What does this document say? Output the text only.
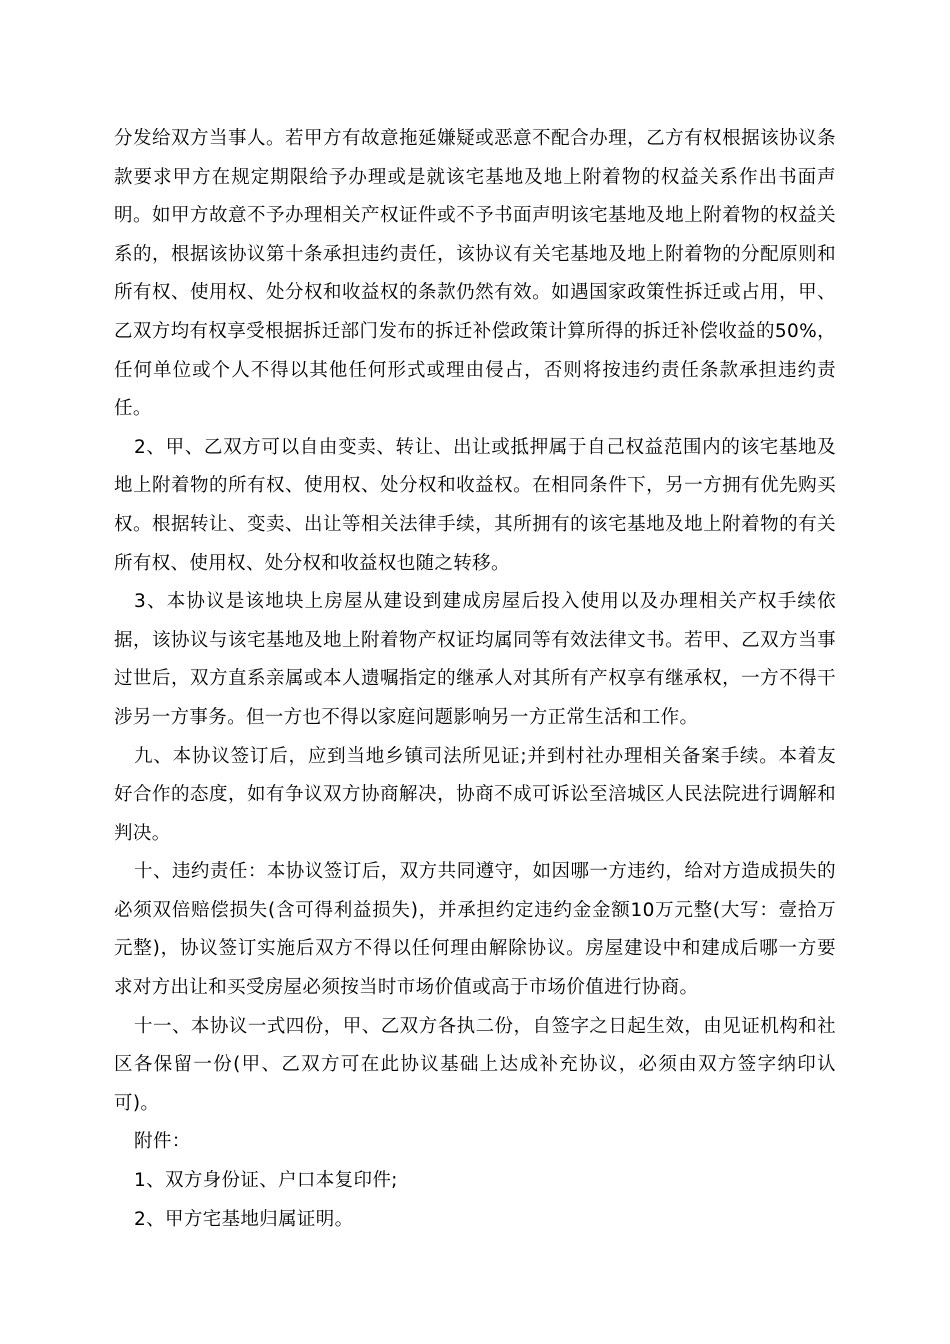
分发给双方当事人。若甲方有故意拖延嫌疑或恶意不配合办理，乙方有权根据该协议条款要求甲方在规定期限给予办理或是就该宅基地及地上附着物的权益关系作出书面声明。如甲方故意不予办理相关产权证件或不予书面声明该宅基地及地上附着物的权益关系的，根据该协议第十条承担违约责任，该协议有关宅基地及地上附着物的分配原则和所有权、使用权、处分权和收益权的条款仍然有效。如遇国家政策性拆迁或占用，甲、乙双方均有权享受根据拆迁部门发布的拆迁补偿政策计算所得的拆迁补偿收益的50%，任何单位或个人不得以其他任何形式或理由侵占，否则将按违约责任条款承担违约责任。

2、甲、乙双方可以自由变卖、转让、出让或抵押属于自己权益范围内的该宅基地及地上附着物的所有权、使用权、处分权和收益权。在相同条件下，另一方拥有优先购买权。根据转让、变卖、出让等相关法律手续，其所拥有的该宅基地及地上附着物的有关所有权、使用权、处分权和收益权也随之转移。

3、本协议是该地块上房屋从建设到建成房屋后投入使用以及办理相关产权手续依据，该协议与该宅基地及地上附着物产权证均属同等有效法律文书。若甲、乙双方当事过世后，双方直系亲属或本人遗嘱指定的继承人对其所有产权享有继承权，一方不得干涉另一方事务。但一方也不得以家庭问题影响另一方正常生活和工作。

九、本协议签订后，应到当地乡镇司法所见证;并到村社办理相关备案手续。本着友好合作的态度，如有争议双方协商解决，协商不成可诉讼至涪城区人民法院进行调解和判决。

十、违约责任：本协议签订后，双方共同遵守，如因哪一方违约，给对方造成损失的必须双倍赔偿损失(含可得利益损失)，并承担约定违约金金额10万元整(大写：壹拾万元整)，协议签订实施后双方不得以任何理由解除协议。房屋建设中和建成后哪一方要求对方出让和买受房屋必须按当时市场价值或高于市场价值进行协商。

十一、本协议一式四份，甲、乙双方各执二份，自签字之日起生效，由见证机构和社区各保留一份(甲、乙双方可在此协议基础上达成补充协议，必须由双方签字纳印认可)。

附件：

1、双方身份证、户口本复印件;

2、甲方宅基地归属证明。
